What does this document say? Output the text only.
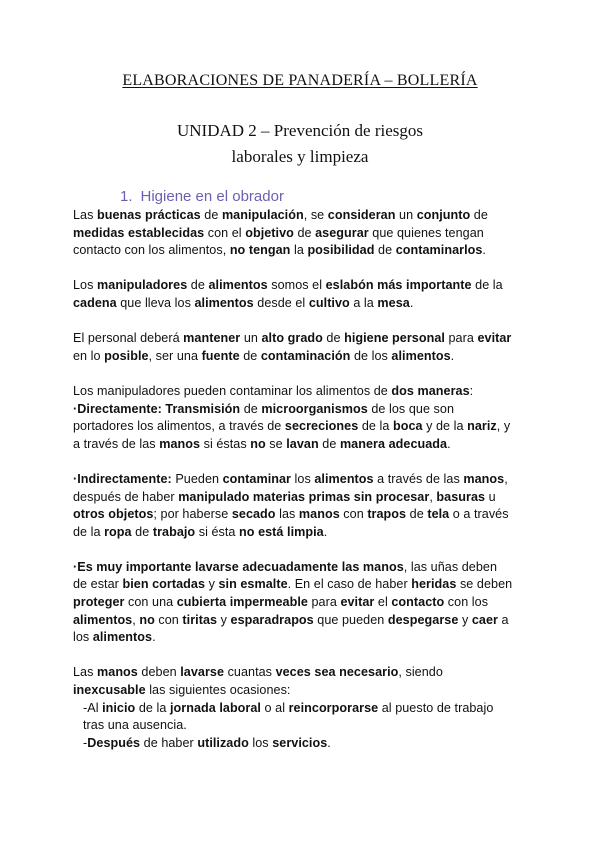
ELABORACIONES DE PANADERÍA – BOLLERÍA
UNIDAD 2 – Prevención de riesgos
laborales y limpieza
1. Higiene en el obrador
Las buenas prácticas de manipulación, se consideran un conjunto de
medidas establecidas con el objetivo de asegurar que quienes tengan
contacto con los alimentos, no tengan la posibilidad de contaminarlos.
Los manipuladores de alimentos somos el eslabón más importante de la
cadena que lleva los alimentos desde el cultivo a la mesa.
El personal deberá mantener un alto grado de higiene personal para evitar
en lo posible, ser una fuente de contaminación de los alimentos.
Los manipuladores pueden contaminar los alimentos de dos maneras:
·Directamente: Transmisión de microorganismos de los que son
portadores los alimentos, a través de secreciones de la boca y de la nariz, y
a través de las manos si éstas no se lavan de manera adecuada.
·Indirectamente: Pueden contaminar los alimentos a través de las manos,
después de haber manipulado materias primas sin procesar, basuras u
otros objetos; por haberse secado las manos con trapos de tela o a través
de la ropa de trabajo si ésta no está limpia.
·Es muy importante lavarse adecuadamente las manos, las uñas deben
de estar bien cortadas y sin esmalte. En el caso de haber heridas se deben
proteger con una cubierta impermeable para evitar el contacto con los
alimentos, no con tiritas y esparadrapos que pueden despegarse y caer a
los alimentos.
Las manos deben lavarse cuantas veces sea necesario, siendo
inexcusable las siguientes ocasiones:
-Al inicio de la jornada laboral o al reincorporarse al puesto de trabajo
tras una ausencia.
-Después de haber utilizado los servicios.
